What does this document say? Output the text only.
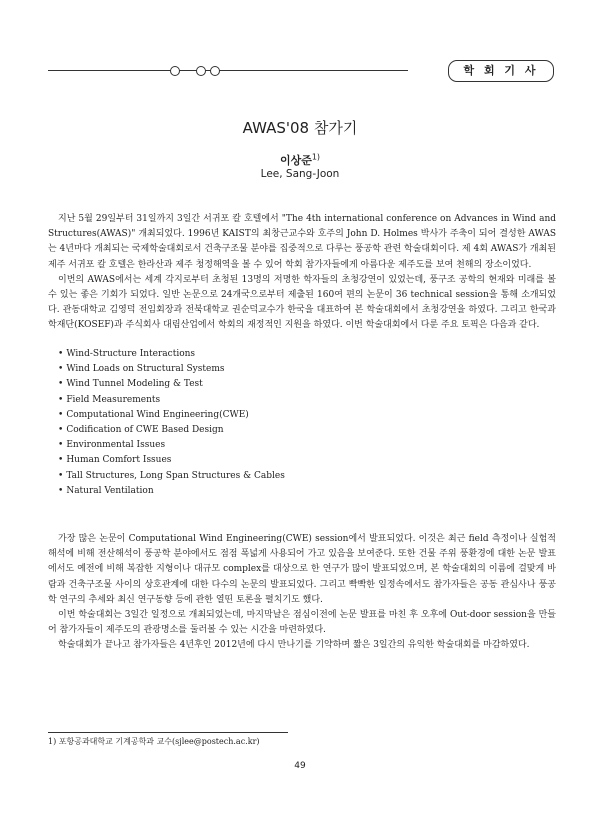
학 회 기 사
AWAS'08 참가기
이상준$^{1)}$
Lee, Sang-Joon

지난 5월 29일부터 31일까지 3일간 서귀포 칼 호텔에서 "The 4th international conference on Advances in Wind and Structures(AWAS)" 개최되었다. 1996년 KAIST의 최창근교수와 호주의 John D. Holmes 박사가 주축이 되어 결성한 AWAS는 4년마다 개최되는 국제학술대회로서 건축구조물 분야를 집중적으로 다루는 풍공학 관련 학술대회이다. 제 4회 AWAS가 개최된 제주 서귀포 칼 호텔은 한라산과 제주 청정해역을 볼 수 있어 학회 참가자들에게 아름다운 제주도를 보여 천해의 장소이었다.

이번의 AWAS에서는 세계 각지로부터 초청된 13명의 저명한 학자들의 초청강연이 있었는데, 풍구조 공학의 현재와 미래를 볼 수 있는 좋은 기회가 되었다. 일반 논문으로 24개국으로부터 제출된 160여 편의 논문이 36 technical session을 통해 소개되었다. 관동대학교 김영덕 전임회장과 전북대학교 권순덕교수가 한국을 대표하여 본 학술대회에서 초청강연을 하였다. 그리고 한국과학재단(KOSEF)과 주식회사 대림산업에서 학회의 재정적인 지원을 하였다. 이번 학술대회에서 다룬 주요 토픽은 다음과 같다.

• Wind-Structure Interactions
• Wind Loads on Structural Systems
• Wind Tunnel Modeling & Test
• Field Measurements
• Computational Wind Engineering(CWE)
• Codification of CWE Based Design
• Environmental Issues
• Human Comfort Issues
• Tall Structures, Long Span Structures & Cables
• Natural Ventilation

가장 많은 논문이 Computational Wind Engineering(CWE) session에서 발표되었다. 이것은 최근 field 측정이나 실험적 해석에 비해 전산해석이 풍공학 분야에서도 점점 폭넓게 사용되어 가고 있음을 보여준다. 또한 건물 주위 풍환경에 대한 논문 발표에서도 예전에 비해 복잡한 지형이나 대규모 complex를 대상으로 한 연구가 많이 발표되었으며, 본 학술대회의 이름에 걸맞게 바람과 건축구조물 사이의 상호관계에 대한 다수의 논문의 발표되었다. 그리고 빡빡한 일정속에서도 참가자들은 공동 관심사나 풍공학 연구의 추세와 최신 연구동향 등에 관한 열띤 토론을 펼치기도 했다.

이번 학술대회는 3일간 일정으로 개최되었는데, 마지막날은 점심이전에 논문 발표를 마친 후 오후에 Out-door session을 만들어 참가자들이 제주도의 관광명소를 둘러볼 수 있는 시간을 마련하였다.

학술대회가 끝나고 참가자들은 4년후인 2012년에 다시 만나기를 기약하며 짧은 3일간의 유익한 학술대회를 마감하였다.

1) 포항공과대학교 기계공학과 교수(sjlee@postech.ac.kr)
49
